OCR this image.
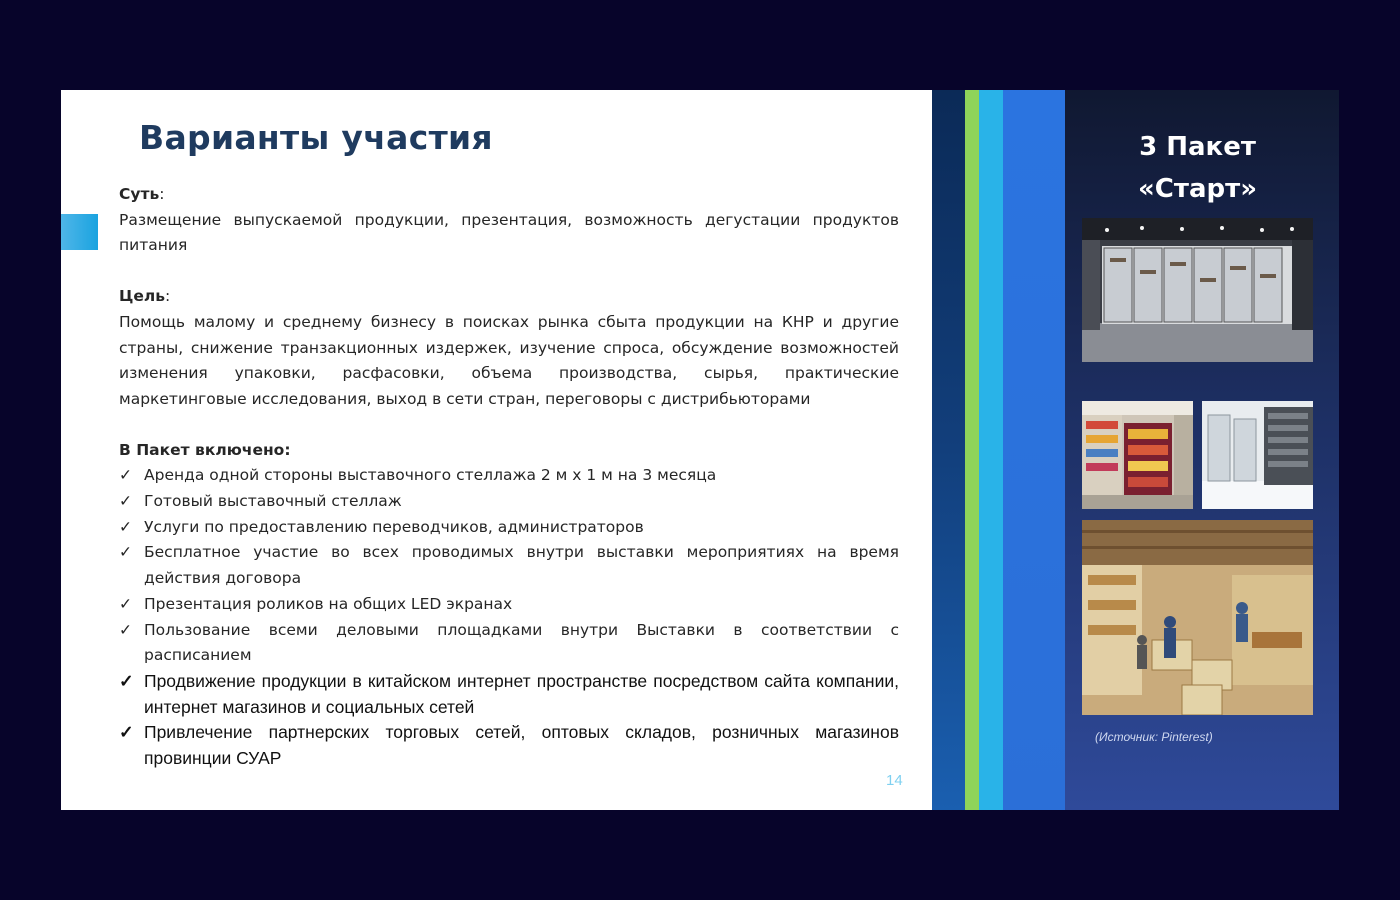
Варианты участия

Суть:

Размещение выпускаемой продукции, презентация, возможность дегустации продуктов питания

Цель:

Помощь малому и среднему бизнесу в поисках рынка сбыта продукции на КНР и другие страны, снижение транзакционных издержек, изучение спроса, обсуждение возможностей изменения упаковки, расфасовки, объема производства, сырья, практические маркетинговые исследования, выход в сети стран, переговоры с дистрибьюторами

В Пакет включено:

✓ Аренда одной стороны выставочного стеллажа 2 м х 1 м на 3 месяца
✓ Готовый выставочный стеллаж
✓ Услуги по предоставлению переводчиков, администраторов
✓ Бесплатное участие во всех проводимых внутри выставки мероприятиях на время действия договора
✓ Презентация роликов на общих LED экранах
✓ Пользование всеми деловыми площадками внутри Выставки в соответствии с расписанием
✓ Продвижение продукции в китайском интернет пространстве посредством сайта компании, интернет магазинов и социальных сетей
✓ Привлечение партнерских торговых сетей, оптовых складов, розничных магазинов провинции СУАР
14
3 Пакет
«Старт»
(Источник: Pinterest)
